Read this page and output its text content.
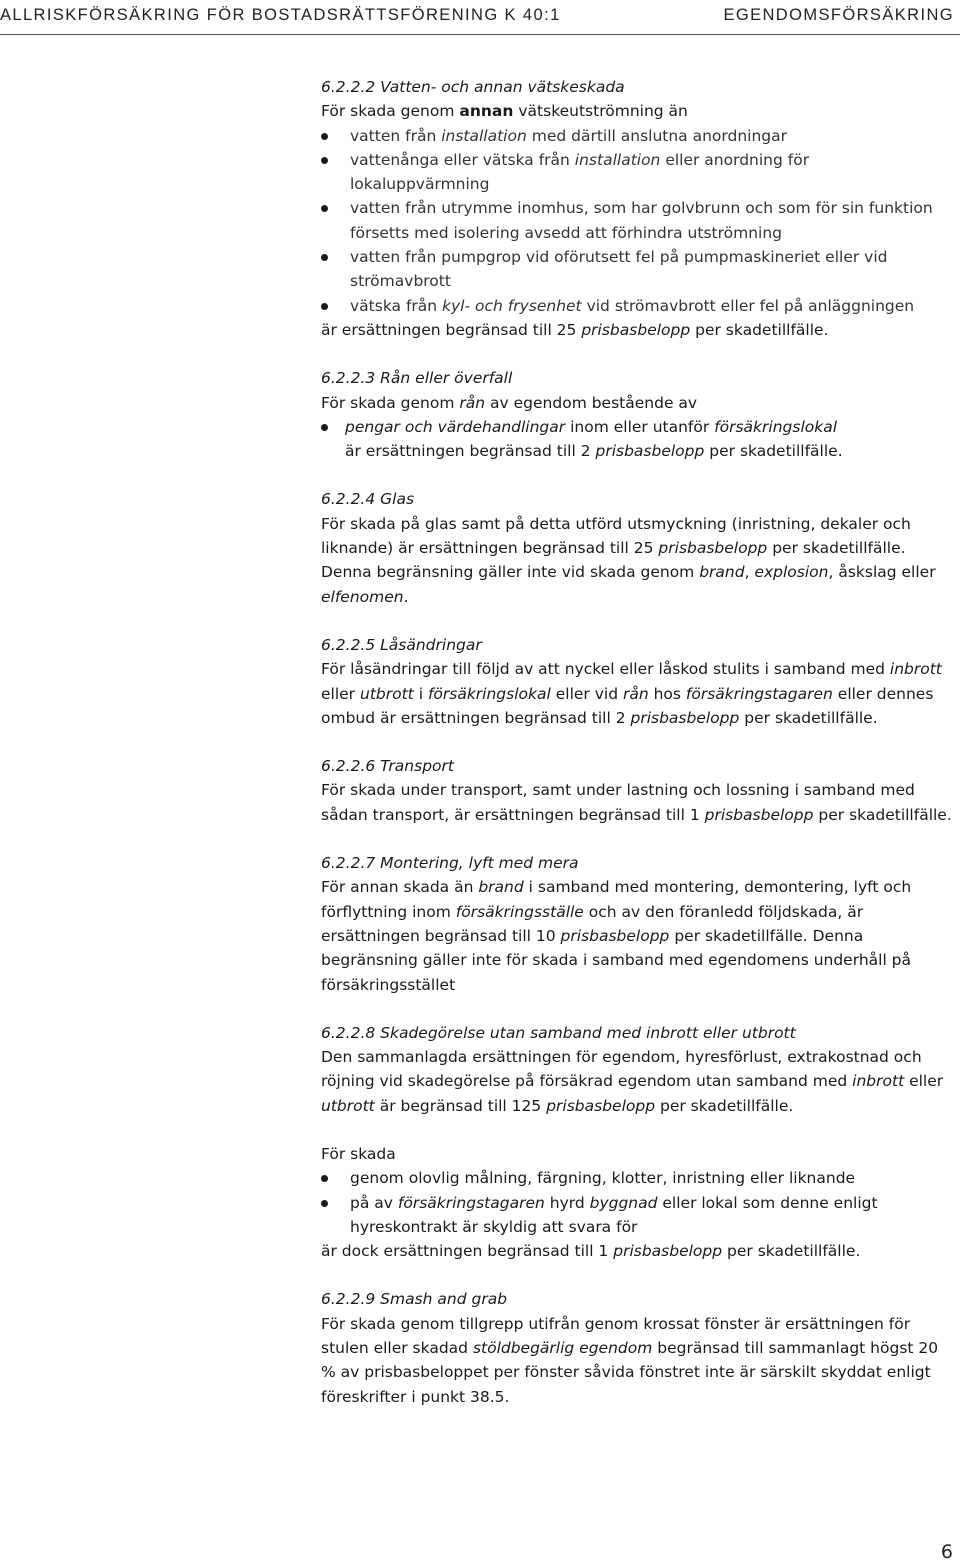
ALLRISKFÖRSÄKRING FÖR BOSTADSRÄTTSFÖRENING K 40:1	EGENDOMSFÖRSÄKRING

6.2.2.2 Vatten- och annan vätskeskada

För skada genom annan vätskeutströmning än

vatten från installation med därtill anslutna anordningar
vattenånga eller vätska från installation eller anordning för lokaluppvärmning
vatten från utrymme inomhus, som har golvbrunn och som för sin funktion försetts med isolering avsedd att förhindra utströmning
vatten från pumpgrop vid oförutsett fel på pumpmaskineriet eller vid strömavbrott
vätska från kyl- och frysenhet vid strömavbrott eller fel på anläggningen

är ersättningen begränsad till 25 prisbasbelopp per skadetillfälle.

6.2.2.3 Rån eller överfall

För skada genom rån av egendom bestående av

pengar och värdehandlingar inom eller utanför försäkringslokal

är ersättningen begränsad till 2 prisbasbelopp per skadetillfälle.

6.2.2.4 Glas

För skada på glas samt på detta utförd utsmyckning (inristning, dekaler och liknande) är ersättningen begränsad till 25 prisbasbelopp per skadetillfälle. Denna begränsning gäller inte vid skada genom brand, explosion, åskslag eller elfenomen.

6.2.2.5 Låsändringar

För låsändringar till följd av att nyckel eller låskod stulits i samband med inbrott eller utbrott i försäkringslokal eller vid rån hos försäkringstagaren eller dennes ombud är ersättningen begränsad till 2 prisbasbelopp per skadetillfälle.

6.2.2.6 Transport

För skada under transport, samt under lastning och lossning i samband med sådan transport, är ersättningen begränsad till 1 prisbasbelopp per skadetillfälle.

6.2.2.7 Montering, lyft med mera

För annan skada än brand i samband med montering, demontering, lyft och förflyttning inom försäkringsställe och av den föranledd följdskada, är ersättningen begränsad till 10 prisbasbelopp per skadetillfälle. Denna begränsning gäller inte för skada i samband med egendomens underhåll på försäkringsstället

6.2.2.8 Skadegörelse utan samband med inbrott eller utbrott

Den sammanlagda ersättningen för egendom, hyresförlust, extrakostnad och röjning vid skadegörelse på försäkrad egendom utan samband med inbrott eller utbrott är begränsad till 125 prisbasbelopp per skadetillfälle.

För skada

genom olovlig målning, färgning, klotter, inristning eller liknande
på av försäkringstagaren hyrd byggnad eller lokal som denne enligt hyreskontrakt är skyldig att svara för

är dock ersättningen begränsad till 1 prisbasbelopp per skadetillfälle.

6.2.2.9 Smash and grab

För skada genom tillgrepp utifrån genom krossat fönster är ersättningen för stulen eller skadad stöldbegärlig egendom begränsad till sammanlagt högst 20 % av prisbasbeloppet per fönster såvida fönstret inte är särskilt skyddat enligt föreskrifter i punkt 38.5.

6
